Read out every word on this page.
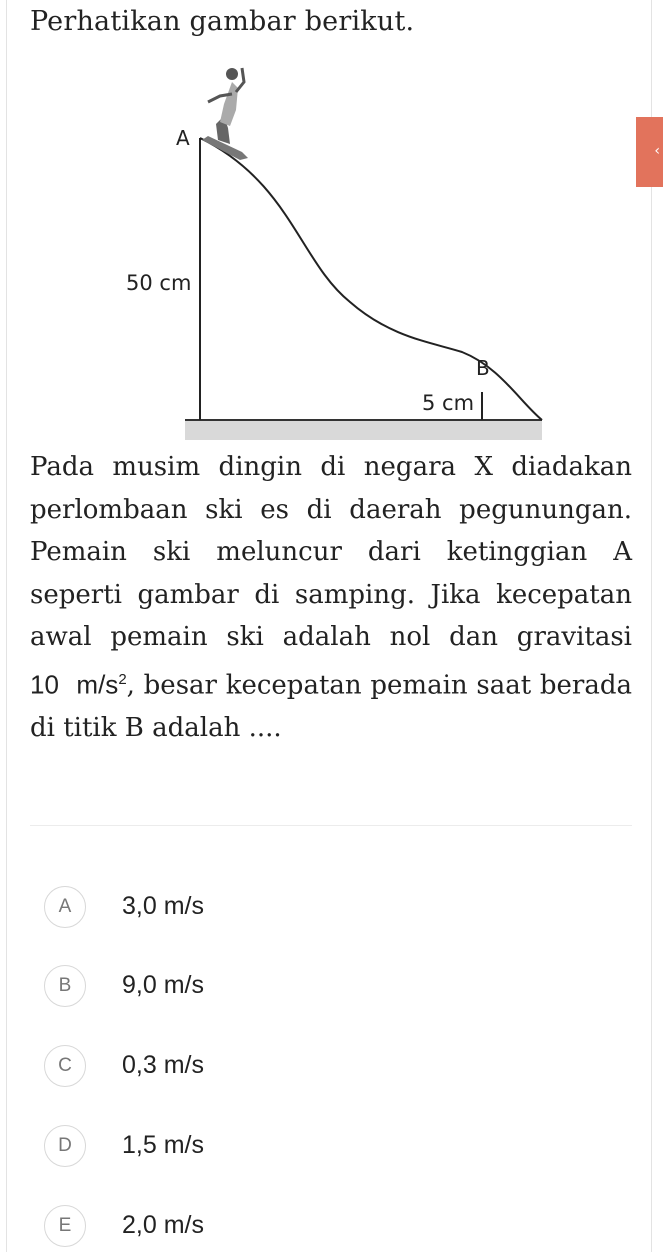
Perhatikan gambar berikut.
A
B
50 cm
5 cm
‹
Pada musim dingin di negara X diadakan perlombaan ski es di daerah pegunungan. Pemain ski meluncur dari ketinggian A seperti gambar di samping. Jika kecepatan awal pemain ski adalah nol dan gravitasi 10 $m/s^2$, besar kecepatan pemain saat berada di titik B adalah ....
A	3,0 m/s
B	9,0 m/s
C	0,3 m/s
D	1,5 m/s
E	2,0 m/s
